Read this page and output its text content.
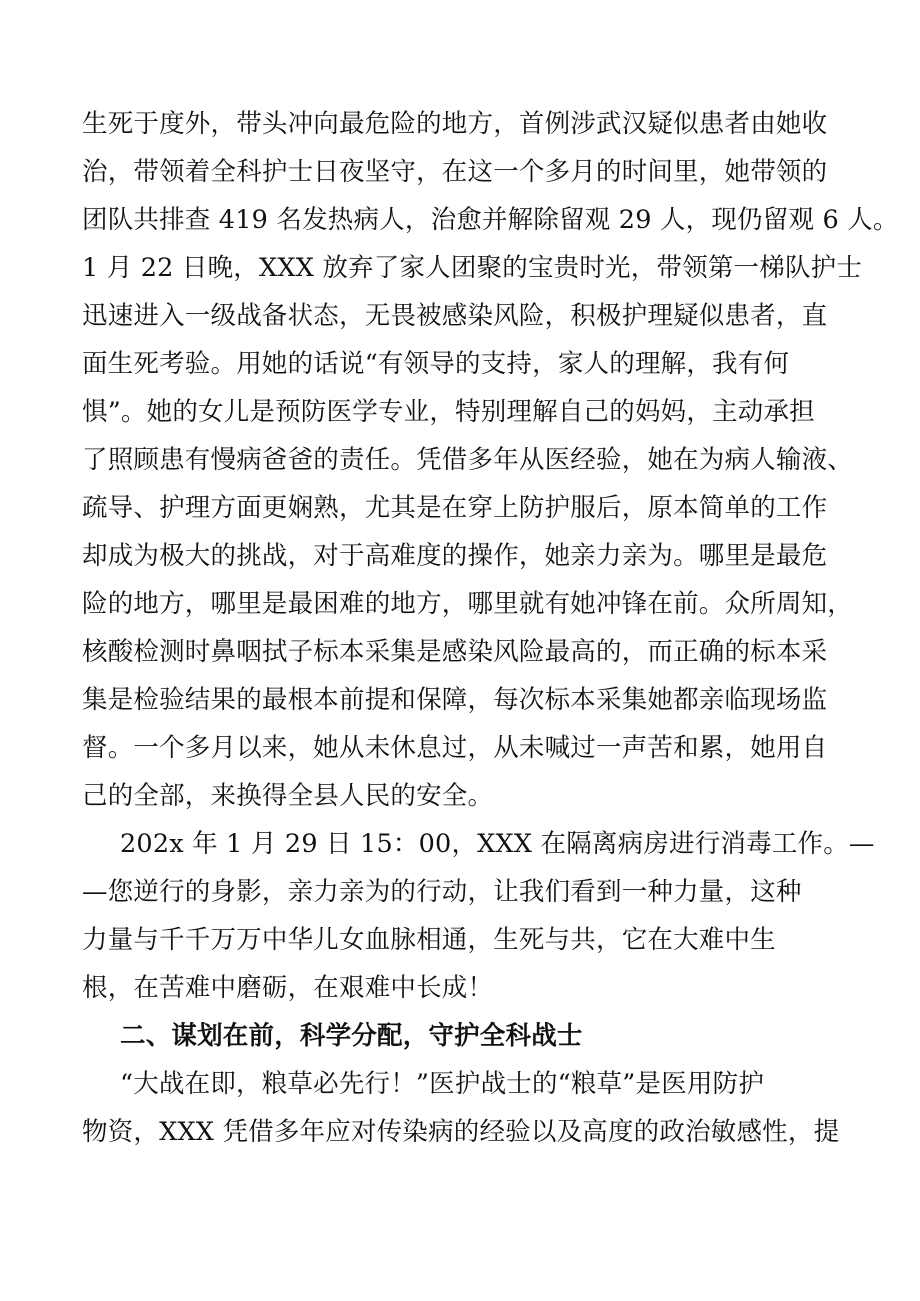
生死于度外，带头冲向最危险的地方，首例涉武汉疑似患者由她收
治，带领着全科护士日夜坚守，在这一个多月的时间里，她带领的
团队共排查 419 名发热病人，治愈并解除留观 29 人，现仍留观 6 人。
1 月 22 日晚，XXX 放弃了家人团聚的宝贵时光，带领第一梯队护士
迅速进入一级战备状态，无畏被感染风险，积极护理疑似患者，直
面生死考验。用她的话说“有领导的支持，家人的理解，我有何
惧”。她的女儿是预防医学专业，特别理解自己的妈妈，主动承担
了照顾患有慢病爸爸的责任。凭借多年从医经验，她在为病人输液、
疏导、护理方面更娴熟，尤其是在穿上防护服后，原本简单的工作
却成为极大的挑战，对于高难度的操作，她亲力亲为。哪里是最危
险的地方，哪里是最困难的地方，哪里就有她冲锋在前。众所周知，
核酸检测时鼻咽拭子标本采集是感染风险最高的，而正确的标本采
集是检验结果的最根本前提和保障，每次标本采集她都亲临现场监
督。一个多月以来，她从未休息过，从未喊过一声苦和累，她用自
己的全部，来换得全县人民的安全。
202x 年 1 月 29 日 15：00，XXX 在隔离病房进行消毒工作。—
—您逆行的身影，亲力亲为的行动，让我们看到一种力量，这种
力量与千千万万中华儿女血脉相通，生死与共，它在大难中生
根，在苦难中磨砺，在艰难中长成！
二、谋划在前，科学分配，守护全科战士
“大战在即，粮草必先行！”医护战士的“粮草”是医用防护
物资，XXX 凭借多年应对传染病的经验以及高度的政治敏感性，提
